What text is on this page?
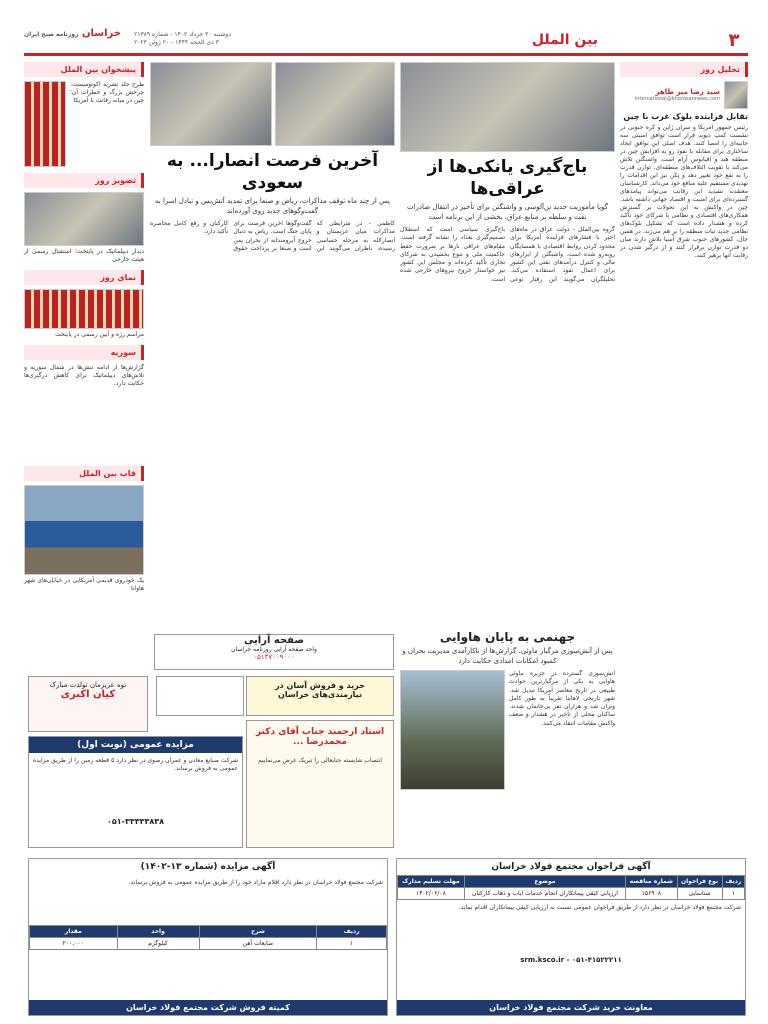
۳
بین الملل
دوشنبه ۳۰ خرداد ۱۴۰۲ - شماره ۲۱۳۸۹
۳ ذی الحجه ۱۴۴۴ - ۲۰ ژوئن ۲۰۲۳
خراسان روزنامه صبح ایران
تحلیل روز
سید رضا میر طاهر
international@khorasannews.com
تقابل فزاینده بلوک غرب با چین
رئیس جمهور آمریکا و سران ژاپن و کره جنوبی در نشست کمپ دیوید قرار است توافق امنیتی سه جانبه‌ای را امضا کنند. هدف اصلی این توافق ایجاد ساختاری برای مقابله با نفوذ رو به افزایش چین در منطقه هند و اقیانوس آرام است. واشنگتن تلاش می‌کند با تقویت ائتلاف‌های منطقه‌ای، توازن قدرت را به نفع خود تغییر دهد و پکن نیز این اقدامات را تهدیدی مستقیم علیه منافع خود می‌داند. کارشناسان معتقدند تشدید این رقابت می‌تواند پیامدهای گسترده‌ای برای امنیت و اقتصاد جهانی داشته باشد. چین در واکنش به این تحولات بر گسترش همکاری‌های اقتصادی و نظامی با شرکای خود تأکید کرده و هشدار داده است که تشکیل بلوک‌های نظامی جدید ثبات منطقه را بر هم می‌زند. در همین حال، کشورهای جنوب شرق آسیا تلاش دارند میان دو قدرت توازن برقرار کنند و از درگیر شدن در رقابت آنها پرهیز کنند.
پیشخوان بین الملل
طرح جلد نشریه اکونومیست: چرخش بزرگ و خطرات آن؛ چین در میانه رقابت با آمریکا
تصویر روز
دیدار دیپلماتیک در پایتخت؛ استقبال رسمی از هیئت خارجی
نمای روز
مراسم رژه و آیین رسمی در پایتخت
سوریه
گزارش‌ها از ادامه تنش‌ها در شمال سوریه و تلاش‌های دیپلماتیک برای کاهش درگیری‌ها حکایت دارد.
قاب بین الملل
یک خودروی قدیمی آمریکایی در خیابان‌های شهر هاوانا
آخرین فرصت انصارا... به سعودی
پس از چند ماه توقف مذاکرات، ریاض و صنعا برای تمدید آتش‌بس و تبادل اسرا به گفت‌وگوهای جدید روی آورده‌اند
کاظمی - در شرایطی که مذاکرات میان عربستان و انصارالله به مرحله حساسی رسیده، ناظران می‌گویند این گفت‌وگوها آخرین فرصت برای پایان جنگ است. ریاض به دنبال خروج آبرومندانه از بحران یمن است و صنعا بر پرداخت حقوق کارکنان و رفع کامل محاصره تأکید دارد.
باج‌گیری یانکی‌ها از عراقی‌ها
گویا مأموریت جدید بن‌آلوسی و واشنگتن برای تأخیر در انتقال صادرات نفت و سلطه بر منابع عراق، بخشی از این برنامه است
گروه بین‌الملل - دولت عراق در ماه‌های اخیر با فشارهای فزاینده آمریکا برای محدود کردن روابط اقتصادی با همسایگان روبه‌رو شده است. واشنگتن از ابزارهای مالی و کنترل درآمدهای نفتی این کشور برای اعمال نفوذ استفاده می‌کند. تحلیلگران می‌گویند این رفتار نوعی باج‌گیری سیاسی است که استقلال تصمیم‌گیری بغداد را نشانه گرفته است. مقام‌های عراقی بارها بر ضرورت حفظ حاکمیت ملی و تنوع بخشیدن به شرکای تجاری تأکید کرده‌اند و مجلس این کشور نیز خواستار خروج نیروهای خارجی شده است.
جهنمی به پایان هاوایی
پس از آتش‌سوزی مرگبار ماوئی، گزارش‌ها از ناکارآمدی مدیریت بحران و کمبود امکانات امدادی حکایت دارد
آتش‌سوزی گسترده در جزیره ماوئی هاوایی به یکی از مرگبارترین حوادث طبیعی در تاریخ معاصر آمریکا تبدیل شد. شهر تاریخی لاهاینا تقریباً به طور کامل ویران شد و هزاران نفر بی‌خانمان شدند. ساکنان محلی از تأخیر در هشدار و ضعف واکنش مقامات انتقاد می‌کنند.
صفحه آرایی
واحد صفحه آرایی روزنامه خراسان
۰۵۱۳۷۰۰۹۰۰۰
خرید و فروش آسان در نیازمندی‌های خراسان
استاد ارجمند جناب آقای دکتر محمدرضا ...
انتصاب شایسته جنابعالی را تبریک عرض می‌نماییم
نوه عزیزمان تولدت مبارک
کیان اکبری
مزایده عمومی (نوبت اول)
شرکت صنایع معادن و عمران رضوی در نظر دارد ۵ قطعه زمین را از طریق مزایده عمومی به فروش برساند.
۰۵۱-۳۳۳۳۳۸۳۸
آگهی فراخوان مجتمع فولاد خراسان
ردیف	نوع فراخوان	شماره مناقصه	موضوع	مهلت تسلیم مدارک
۱	شناسایی	۱۵۶۹۰۸	ارزیابی کیفی پیمانکاران انجام خدمات ایاب و ذهاب کارکنان	۱۴۰۲/۰۶/۰۸
شرکت مجتمع فولاد خراسان در نظر دارد از طریق فراخوان عمومی نسبت به ارزیابی کیفی پیمانکاران اقدام نماید.
srm.ksco.ir - ۰۵۱-۴۱۵۲۲۲۱۱
معاونت خرید شرکت مجتمع فولاد خراسان
آگهی مزایده (شماره ۱۳-۱۴۰۲)
شرکت مجتمع فولاد خراسان در نظر دارد اقلام مازاد خود را از طریق مزایده عمومی به فروش برساند.
ردیف	شرح	واحد	مقدار
۱	ضایعات آهن	کیلوگرم	۲۰۰,۰۰۰
کمیته فروش شرکت مجتمع فولاد خراسان
